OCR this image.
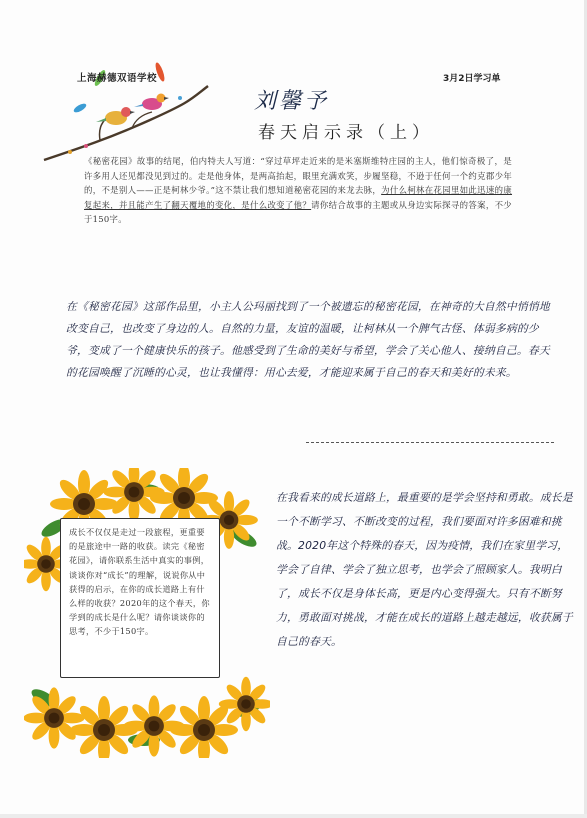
上海赫德双语学校	3月2日学习单
刘馨予
春天启示录（上）
《秘密花园》故事的结尾，伯内特夫人写道：“穿过草坪走近来的是米塞斯维特庄园的主人，他们惊奇极了，是许多用人还见都没见到过的。走是他身体，是两高抬起，眼里充满欢笑，步履坚稳，不逊于任何一个约克郡少年的，不是别人——正是柯林少爷。”这不禁让我们想知道秘密花园的来龙去脉，为什么柯林在花园里如此迅速的康复起来，并且能产生了翻天覆地的变化，是什么改变了他？请你结合故事的主题或从身边实际探寻的答案，不少于150字。
在《秘密花园》这部作品里，小主人公玛丽找到了一个被遗忘的秘密花园，在神奇的大自然中悄悄地改变自己，也改变了身边的人。自然的力量，友谊的温暖，让柯林从一个脾气古怪、体弱多病的少爷，变成了一个健康快乐的孩子。他感受到了生命的美好与希望，学会了关心他人、接纳自己。春天的花园唤醒了沉睡的心灵，也让我懂得：用心去爱，才能迎来属于自己的春天和美好的未来。
成长不仅仅是走过一段旅程，更重要的是旅途中一路的收获。读完《秘密花园》，请你联系生活中真实的事例，谈谈你对“成长”的理解，说说你从中获得的启示，在你的成长道路上有什么样的收获？2020年的这个春天，你学到的成长是什么呢？请你谈谈你的思考，不少于150字。
在我看来的成长道路上，最重要的是学会坚持和勇敢。成长是一个不断学习、不断改变的过程，我们要面对许多困难和挑战。2020年这个特殊的春天，因为疫情，我们在家里学习，学会了自律、学会了独立思考，也学会了照顾家人。我明白了，成长不仅是身体长高，更是内心变得强大。只有不断努力，勇敢面对挑战，才能在成长的道路上越走越远，收获属于自己的春天。
